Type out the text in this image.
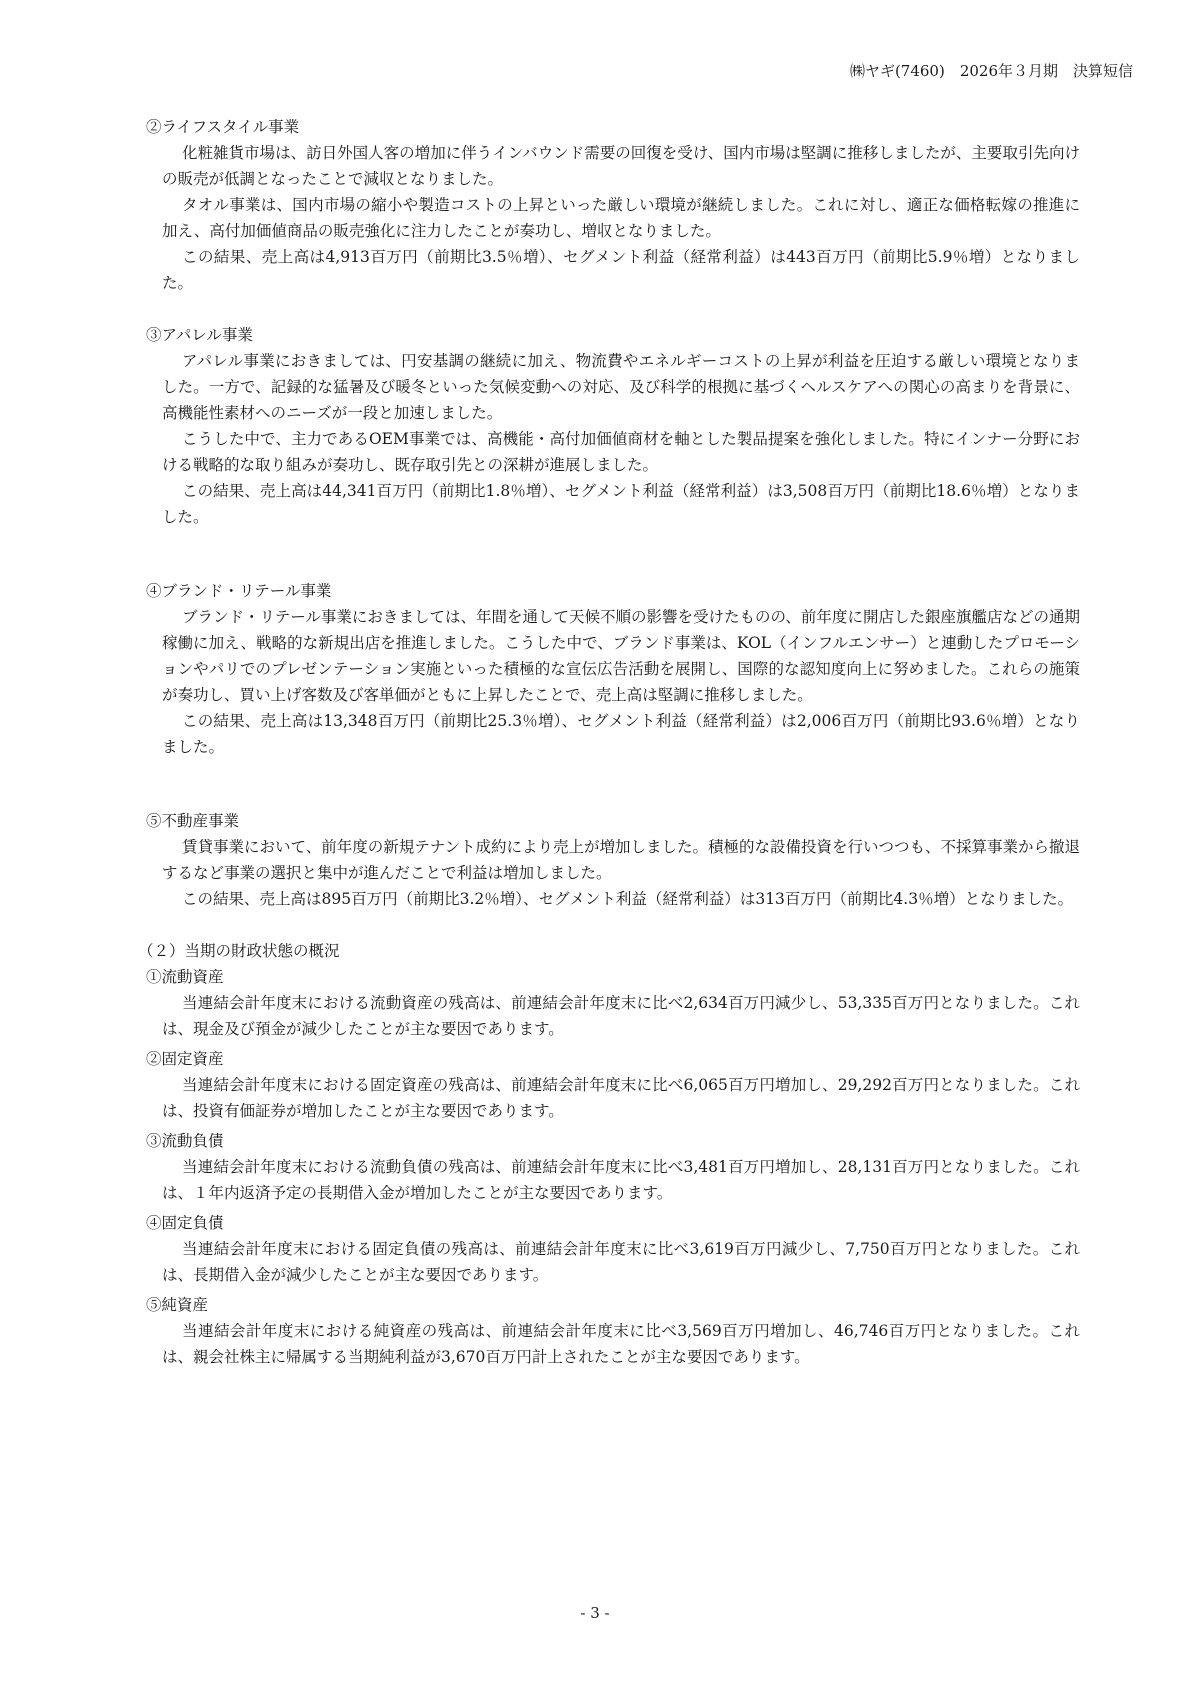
㈱ヤギ(7460)　2026年３月期　決算短信
②ライフスタイル事業

化粧雑貨市場は、訪日外国人客の増加に伴うインバウンド需要の回復を受け、国内市場は堅調に推移しましたが、主要取引先向けの販売が低調となったことで減収となりました。

タオル事業は、国内市場の縮小や製造コストの上昇といった厳しい環境が継続しました。これに対し、適正な価格転嫁の推進に加え、高付加価値商品の販売強化に注力したことが奏功し、増収となりました。

この結果、売上高は4,913百万円（前期比3.5％増）、セグメント利益（経常利益）は443百万円（前期比5.9％増）となりました。

③アパレル事業

アパレル事業におきましては、円安基調の継続に加え、物流費やエネルギーコストの上昇が利益を圧迫する厳しい環境となりました。一方で、記録的な猛暑及び暖冬といった気候変動への対応、及び科学的根拠に基づくヘルスケアへの関心の高まりを背景に、高機能性素材へのニーズが一段と加速しました。

こうした中で、主力であるOEM事業では、高機能・高付加価値商材を軸とした製品提案を強化しました。特にインナー分野における戦略的な取り組みが奏功し、既存取引先との深耕が進展しました。

この結果、売上高は44,341百万円（前期比1.8％増）、セグメント利益（経常利益）は3,508百万円（前期比18.6％増）となりました。

④ブランド・リテール事業

ブランド・リテール事業におきましては、年間を通して天候不順の影響を受けたものの、前年度に開店した銀座旗艦店などの通期稼働に加え、戦略的な新規出店を推進しました。こうした中で、ブランド事業は、KOL（インフルエンサー）と連動したプロモーションやパリでのプレゼンテーション実施といった積極的な宣伝広告活動を展開し、国際的な認知度向上に努めました。これらの施策が奏功し、買い上げ客数及び客単価がともに上昇したことで、売上高は堅調に推移しました。

この結果、売上高は13,348百万円（前期比25.3％増）、セグメント利益（経常利益）は2,006百万円（前期比93.6％増）となりました。

⑤不動産事業

賃貸事業において、前年度の新規テナント成約により売上が増加しました。積極的な設備投資を行いつつも、不採算事業から撤退するなど事業の選択と集中が進んだことで利益は増加しました。

この結果、売上高は895百万円（前期比3.2％増）、セグメント利益（経常利益）は313百万円（前期比4.3％増）となりました。

（２）当期の財政状態の概況
①流動資産

当連結会計年度末における流動資産の残高は、前連結会計年度末に比べ2,634百万円減少し、53,335百万円となりました。これは、現金及び預金が減少したことが主な要因であります。

②固定資産

当連結会計年度末における固定資産の残高は、前連結会計年度末に比べ6,065百万円増加し、29,292百万円となりました。これは、投資有価証券が増加したことが主な要因であります。

③流動負債

当連結会計年度末における流動負債の残高は、前連結会計年度末に比べ3,481百万円増加し、28,131百万円となりました。これは、１年内返済予定の長期借入金が増加したことが主な要因であります。

④固定負債

当連結会計年度末における固定負債の残高は、前連結会計年度末に比べ3,619百万円減少し、7,750百万円となりました。これは、長期借入金が減少したことが主な要因であります。

⑤純資産

当連結会計年度末における純資産の残高は、前連結会計年度末に比べ3,569百万円増加し、46,746百万円となりました。これは、親会社株主に帰属する当期純利益が3,670百万円計上されたことが主な要因であります。

- 3 -
